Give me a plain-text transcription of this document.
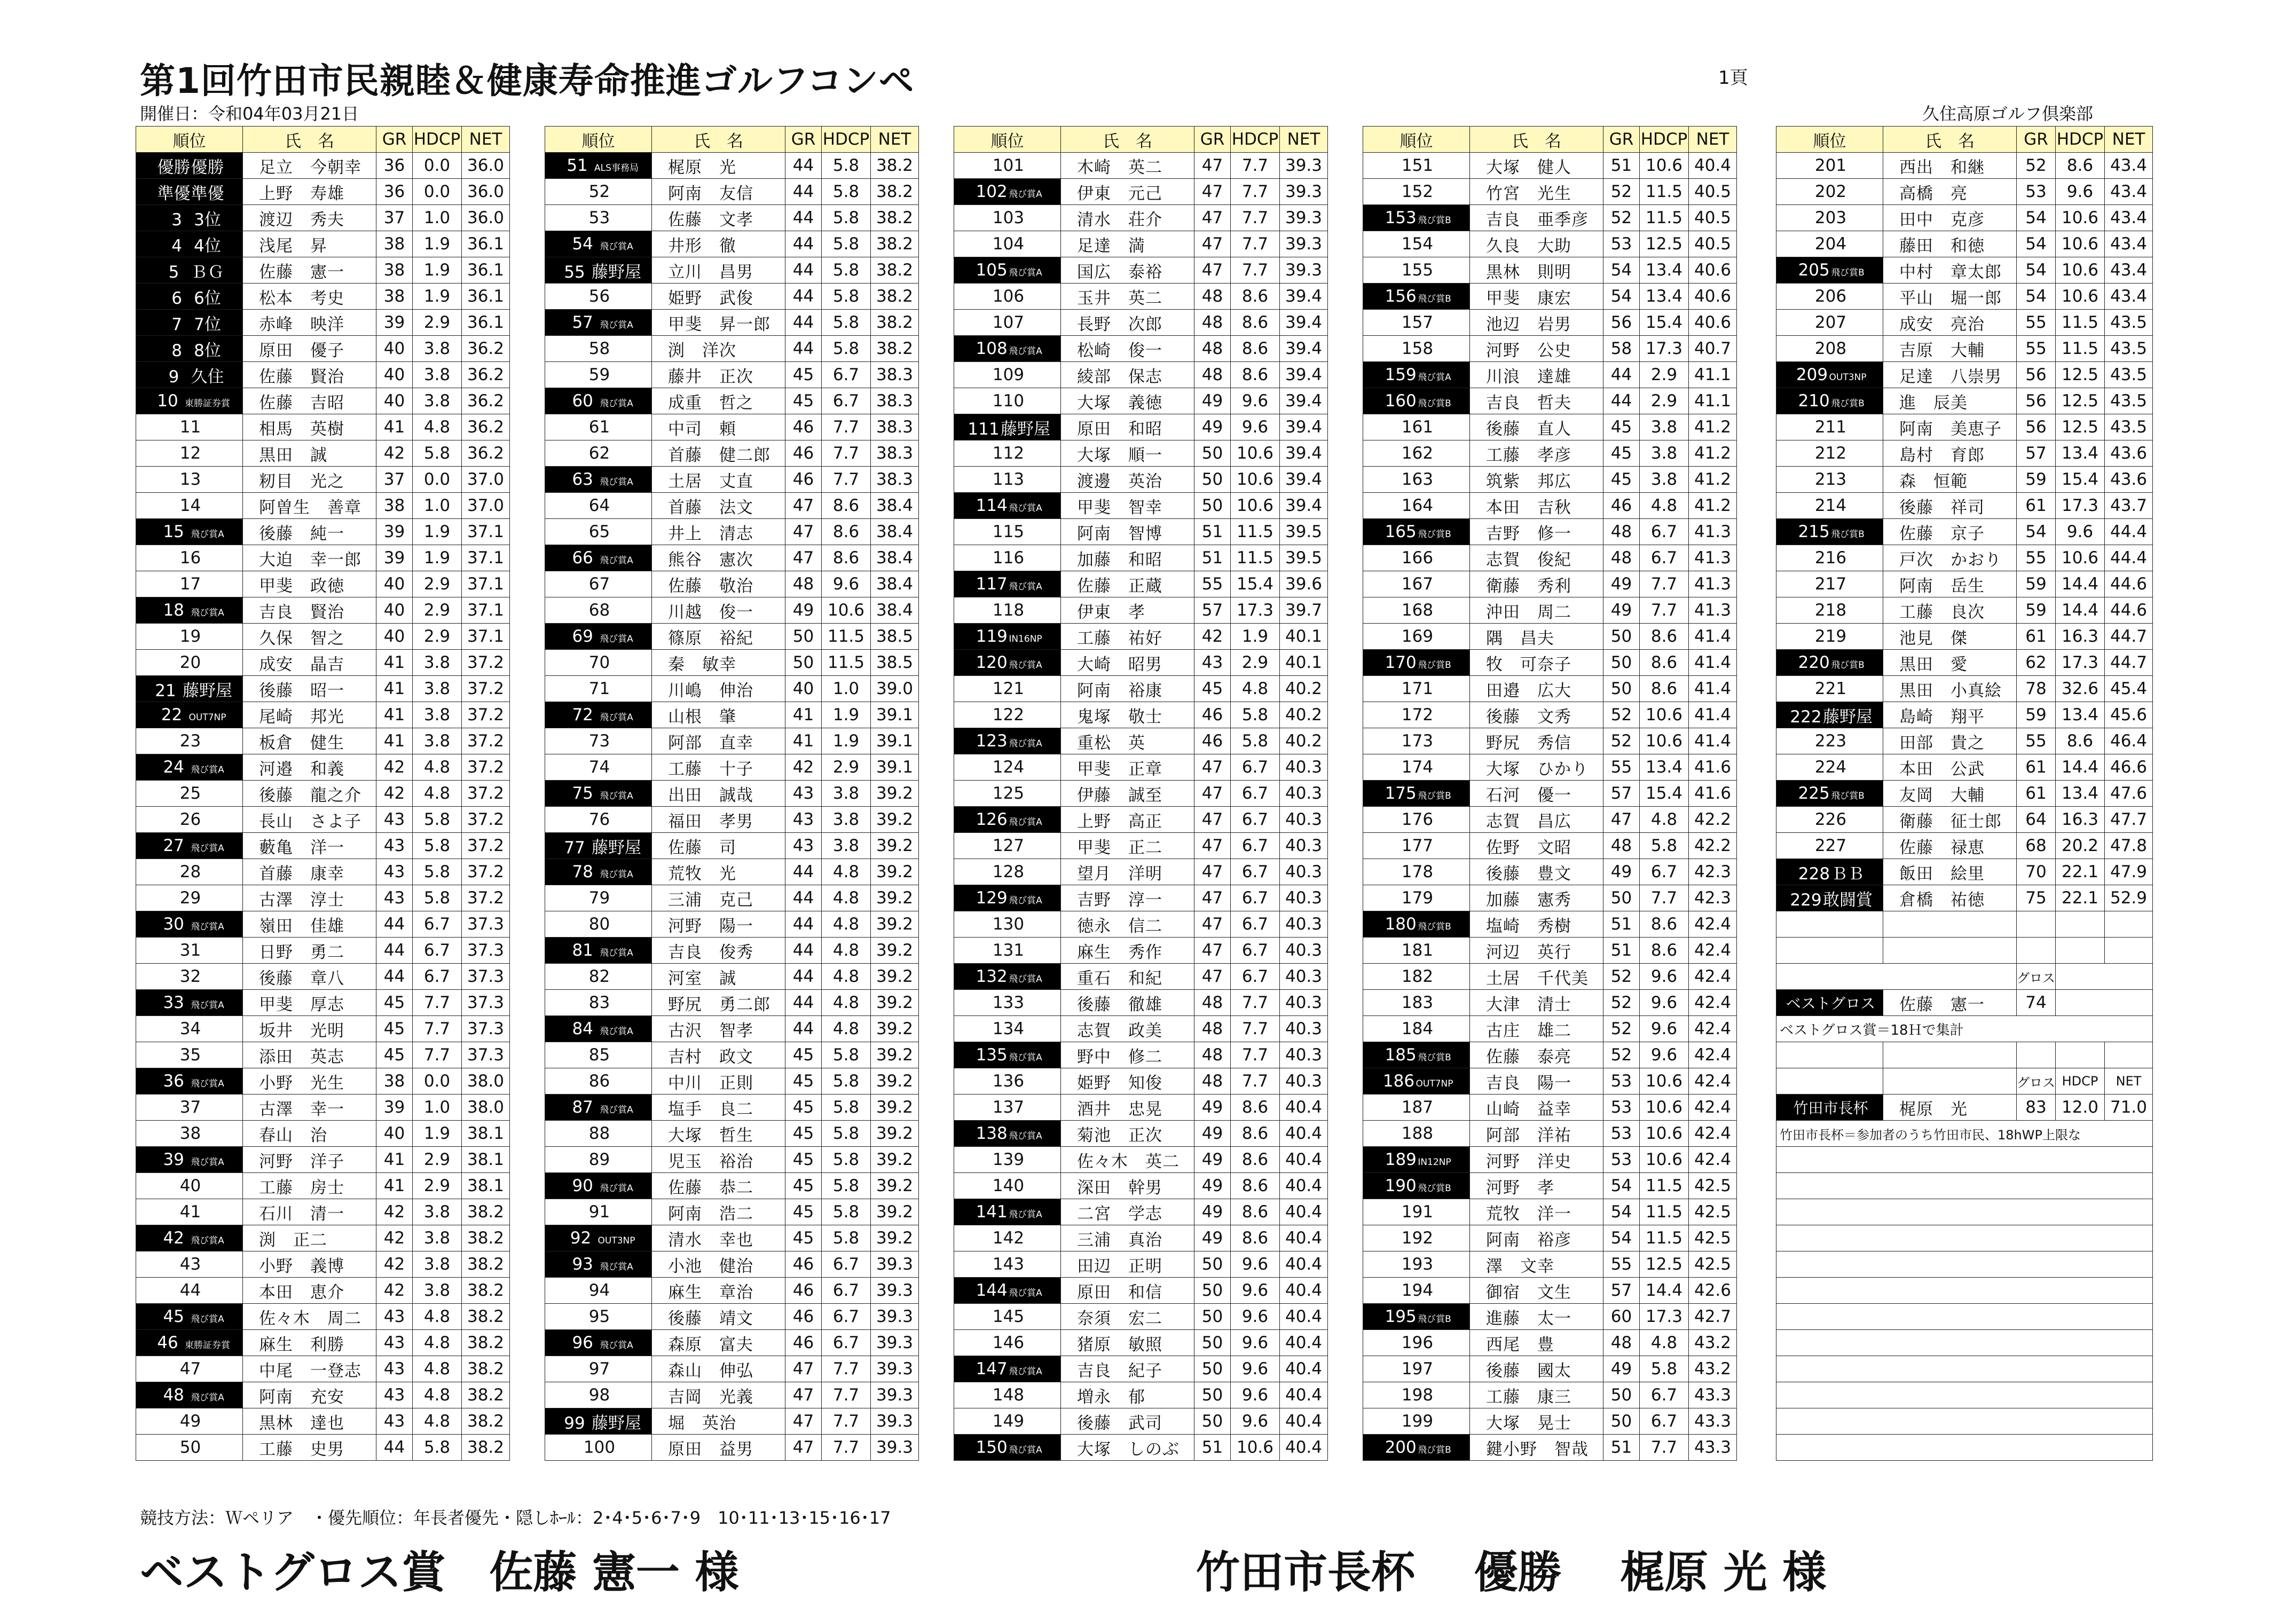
第1回竹田市民親睦＆健康寿命推進ゴルフコンペ	1頁
開催日：令和04年03月21日	久住高原ゴルフ倶楽部
順位	氏　名	GR	HDCP	NET
優勝優勝	足立　今朝幸	36	0.0	36.0
準優準優	上野　寿雄	36	0.0	36.0
3 3位	渡辺　秀夫	37	1.0	36.0
4 4位	浅尾　昇	38	1.9	36.1
5 ＢＧ	佐藤　憲一	38	1.9	36.1
6 6位	松本　考史	38	1.9	36.1
7 7位	赤峰　映洋	39	2.9	36.1
8 8位	原田　優子	40	3.8	36.2
9 久住	佐藤　賢治	40	3.8	36.2
10 東勝証券賞	佐藤　吉昭	40	3.8	36.2
11	相馬　英樹	41	4.8	36.2
12	黒田　誠	42	5.8	36.2
13	籾目　光之	37	0.0	37.0
14	阿曽生　善章	38	1.0	37.0
15 飛び賞A	後藤　純一	39	1.9	37.1
16	大迫　幸一郎	39	1.9	37.1
17	甲斐　政徳	40	2.9	37.1
18 飛び賞A	吉良　賢治	40	2.9	37.1
19	久保　智之	40	2.9	37.1
20	成安　晶吉	41	3.8	37.2
21 藤野屋	後藤　昭一	41	3.8	37.2
22 OUT7NP	尾崎　邦光	41	3.8	37.2
23	板倉　健生	41	3.8	37.2
24 飛び賞A	河邉　和義	42	4.8	37.2
25	後藤　龍之介	42	4.8	37.2
26	長山　さよ子	43	5.8	37.2
27 飛び賞A	藪亀　洋一	43	5.8	37.2
28	首藤　康幸	43	5.8	37.2
29	古澤　淳士	43	5.8	37.2
30 飛び賞A	嶺田　佳雄	44	6.7	37.3
31	日野　勇二	44	6.7	37.3
32	後藤　章八	44	6.7	37.3
33 飛び賞A	甲斐　厚志	45	7.7	37.3
34	坂井　光明	45	7.7	37.3
35	添田　英志	45	7.7	37.3
36 飛び賞A	小野　光生	38	0.0	38.0
37	古澤　幸一	39	1.0	38.0
38	春山　治	40	1.9	38.1
39 飛び賞A	河野　洋子	41	2.9	38.1
40	工藤　房士	41	2.9	38.1
41	石川　清一	42	3.8	38.2
42 飛び賞A	渕　正二	42	3.8	38.2
43	小野　義博	42	3.8	38.2
44	本田　恵介	42	3.8	38.2
45 飛び賞A	佐々木　周二	43	4.8	38.2
46 東勝証券賞	麻生　利勝	43	4.8	38.2
47	中尾　一登志	43	4.8	38.2
48 飛び賞A	阿南　充安	43	4.8	38.2
49	黒林　達也	43	4.8	38.2
50	工藤　史男	44	5.8	38.2
順位	氏　名	GR	HDCP	NET
51 ALS事務局	梶原　光	44	5.8	38.2
52	阿南　友信	44	5.8	38.2
53	佐藤　文孝	44	5.8	38.2
54 飛び賞A	井形　徹	44	5.8	38.2
55 藤野屋	立川　昌男	44	5.8	38.2
56	姫野　武俊	44	5.8	38.2
57 飛び賞A	甲斐　昇一郎	44	5.8	38.2
58	渕　洋次	44	5.8	38.2
59	藤井　正次	45	6.7	38.3
60 飛び賞A	成重　哲之	45	6.7	38.3
61	中司　頼	46	7.7	38.3
62	首藤　健二郎	46	7.7	38.3
63 飛び賞A	土居　丈直	46	7.7	38.3
64	首藤　法文	47	8.6	38.4
65	井上　清志	47	8.6	38.4
66 飛び賞A	熊谷　憲次	47	8.6	38.4
67	佐藤　敬治	48	9.6	38.4
68	川越　俊一	49	10.6	38.4
69 飛び賞A	篠原　裕紀	50	11.5	38.5
70	秦　敏幸	50	11.5	38.5
71	川嶋　伸治	40	1.0	39.0
72 飛び賞A	山根　肇	41	1.9	39.1
73	阿部　直幸	41	1.9	39.1
74	工藤　十子	42	2.9	39.1
75 飛び賞A	出田　誠哉	43	3.8	39.2
76	福田　孝男	43	3.8	39.2
77 藤野屋	佐藤　司	43	3.8	39.2
78 飛び賞A	荒牧　光	44	4.8	39.2
79	三浦　克己	44	4.8	39.2
80	河野　陽一	44	4.8	39.2
81 飛び賞A	吉良　俊秀	44	4.8	39.2
82	河室　誠	44	4.8	39.2
83	野尻　勇二郎	44	4.8	39.2
84 飛び賞A	古沢　智孝	44	4.8	39.2
85	吉村　政文	45	5.8	39.2
86	中川　正則	45	5.8	39.2
87 飛び賞A	塩手　良二	45	5.8	39.2
88	大塚　哲生	45	5.8	39.2
89	児玉　裕治	45	5.8	39.2
90 飛び賞A	佐藤　恭二	45	5.8	39.2
91	阿南　浩二	45	5.8	39.2
92 OUT3NP	清水　幸也	45	5.8	39.2
93 飛び賞A	小池　健治	46	6.7	39.3
94	麻生　章治	46	6.7	39.3
95	後藤　靖文	46	6.7	39.3
96 飛び賞A	森原　富夫	46	6.7	39.3
97	森山　伸弘	47	7.7	39.3
98	吉岡　光義	47	7.7	39.3
99 藤野屋	堀　英治	47	7.7	39.3
100	原田　益男	47	7.7	39.3
順位	氏　名	GR	HDCP	NET
101	木崎　英二	47	7.7	39.3
102 飛び賞A	伊東　元己	47	7.7	39.3
103	清水　荘介	47	7.7	39.3
104	足達　満	47	7.7	39.3
105 飛び賞A	国広　泰裕	47	7.7	39.3
106	玉井　英二	48	8.6	39.4
107	長野　次郎	48	8.6	39.4
108 飛び賞A	松崎　俊一	48	8.6	39.4
109	綾部　保志	48	8.6	39.4
110	大塚　義徳	49	9.6	39.4
111藤野屋	原田　和昭	49	9.6	39.4
112	大塚　順一	50	10.6	39.4
113	渡邊　英治	50	10.6	39.4
114 飛び賞A	甲斐　智幸	50	10.6	39.4
115	阿南　智博	51	11.5	39.5
116	加藤　和昭	51	11.5	39.5
117 飛び賞A	佐藤　正蔵	55	15.4	39.6
118	伊東　孝	57	17.3	39.7
119 IN16NP	工藤　祐好	42	1.9	40.1
120 飛び賞A	大崎　昭男	43	2.9	40.1
121	阿南　裕康	45	4.8	40.2
122	鬼塚　敬士	46	5.8	40.2
123 飛び賞A	重松　英	46	5.8	40.2
124	甲斐　正章	47	6.7	40.3
125	伊藤　誠至	47	6.7	40.3
126 飛び賞A	上野　高正	47	6.7	40.3
127	甲斐　正二	47	6.7	40.3
128	望月　洋明	47	6.7	40.3
129 飛び賞A	吉野　淳一	47	6.7	40.3
130	徳永　信二	47	6.7	40.3
131	麻生　秀作	47	6.7	40.3
132 飛び賞A	重石　和紀	47	6.7	40.3
133	後藤　徹雄	48	7.7	40.3
134	志賀　政美	48	7.7	40.3
135 飛び賞A	野中　修二	48	7.7	40.3
136	姫野　知俊	48	7.7	40.3
137	酒井　忠晃	49	8.6	40.4
138 飛び賞A	菊池　正次	49	8.6	40.4
139	佐々木　英二	49	8.6	40.4
140	深田　幹男	49	8.6	40.4
141 飛び賞A	二宮　学志	49	8.6	40.4
142	三浦　真治	49	8.6	40.4
143	田辺　正明	50	9.6	40.4
144 飛び賞A	原田　和信	50	9.6	40.4
145	奈須　宏二	50	9.6	40.4
146	猪原　敏照	50	9.6	40.4
147 飛び賞A	吉良　紀子	50	9.6	40.4
148	増永　郁	50	9.6	40.4
149	後藤　武司	50	9.6	40.4
150 飛び賞A	大塚　しのぶ	51	10.6	40.4
順位	氏　名	GR	HDCP	NET
151	大塚　健人	51	10.6	40.4
152	竹宮　光生	52	11.5	40.5
153 飛び賞B	吉良　亜季彦	52	11.5	40.5
154	久良　大助	53	12.5	40.5
155	黒林　則明	54	13.4	40.6
156 飛び賞B	甲斐　康宏	54	13.4	40.6
157	池辺　岩男	56	15.4	40.6
158	河野　公史	58	17.3	40.7
159 飛び賞A	川浪　達雄	44	2.9	41.1
160 飛び賞B	吉良　哲夫	44	2.9	41.1
161	後藤　直人	45	3.8	41.2
162	工藤　孝彦	45	3.8	41.2
163	筑紫　邦広	45	3.8	41.2
164	本田　吉秋	46	4.8	41.2
165 飛び賞B	吉野　修一	48	6.7	41.3
166	志賀　俊紀	48	6.7	41.3
167	衛藤　秀利	49	7.7	41.3
168	沖田　周二	49	7.7	41.3
169	隅　昌夫	50	8.6	41.4
170 飛び賞B	牧　可奈子	50	8.6	41.4
171	田邉　広大	50	8.6	41.4
172	後藤　文秀	52	10.6	41.4
173	野尻　秀信	52	10.6	41.4
174	大塚　ひかり	55	13.4	41.6
175 飛び賞B	石河　優一	57	15.4	41.6
176	志賀　昌広	47	4.8	42.2
177	佐野　文昭	48	5.8	42.2
178	後藤　豊文	49	6.7	42.3
179	加藤　憲秀	50	7.7	42.3
180 飛び賞B	塩崎　秀樹	51	8.6	42.4
181	河辺　英行	51	8.6	42.4
182	土居　千代美	52	9.6	42.4
183	大津　清士	52	9.6	42.4
184	古庄　雄二	52	9.6	42.4
185 飛び賞B	佐藤　泰亮	52	9.6	42.4
186 OUT7NP	吉良　陽一	53	10.6	42.4
187	山崎　益幸	53	10.6	42.4
188	阿部　洋祐	53	10.6	42.4
189 IN12NP	河野　洋史	53	10.6	42.4
190 飛び賞B	河野　孝	54	11.5	42.5
191	荒牧　洋一	54	11.5	42.5
192	阿南　裕彦	54	11.5	42.5
193	澤　文幸	55	12.5	42.5
194	御宿　文生	57	14.4	42.6
195 飛び賞B	進藤　太一	60	17.3	42.7
196	西尾　豊	48	4.8	43.2
197	後藤　國太	49	5.8	43.2
198	工藤　康三	50	6.7	43.3
199	大塚　晃士	50	6.7	43.3
200 飛び賞B	鍵小野　智哉	51	7.7	43.3
順位	氏　名	GR	HDCP	NET
201	西出　和継	52	8.6	43.4
202	高橋　亮	53	9.6	43.4
203	田中　克彦	54	10.6	43.4
204	藤田　和徳	54	10.6	43.4
205 飛び賞B	中村　章太郎	54	10.6	43.4
206	平山　堀一郎	54	10.6	43.4
207	成安　亮治	55	11.5	43.5
208	吉原　大輔	55	11.5	43.5
209 OUT3NP	足達　八崇男	56	12.5	43.5
210 飛び賞B	進　辰美	56	12.5	43.5
211	阿南　美恵子	56	12.5	43.5
212	島村　育郎	57	13.4	43.6
213	森　恒範	59	15.4	43.6
214	後藤　祥司	61	17.3	43.7
215 飛び賞B	佐藤　京子	54	9.6	44.4
216	戸次　かおり	55	10.6	44.4
217	阿南　岳生	59	14.4	44.6
218	工藤　良次	59	14.4	44.6
219	池見　傑	61	16.3	44.7
220 飛び賞B	黒田　愛	62	17.3	44.7
221	黒田　小真絵	78	32.6	45.4
222藤野屋	島崎　翔平	59	13.4	45.6
223	田部　貴之	55	8.6	46.4
224	本田　公武	61	14.4	46.6
225 飛び賞B	友岡　大輔	61	13.4	47.6
226	衛藤　征士郎	64	16.3	47.7
227	佐藤　禄恵	68	20.2	47.8
228ＢＢ	飯田　絵里	70	22.1	47.9
229敢闘賞	倉橋　祐徳	75	22.1	52.9

		グロス		
ベストグロス	佐藤　憲一	74		
ベストグロス賞＝18Ｈで集計				

		グロス	HDCP	NET
竹田市長杯	梶原　光	83	12.0	71.0
竹田市長杯＝参加者のうち竹田市民、18hWP上限な				

競技方法：Ｗペリア　・優先順位：年長者優先・隠しﾎｰﾙ：2･4･5･6･7･9　10･11･13･15･16･17
ベストグロス賞　佐藤 憲一 様	竹田市長杯　 優勝　 梶原 光 様
